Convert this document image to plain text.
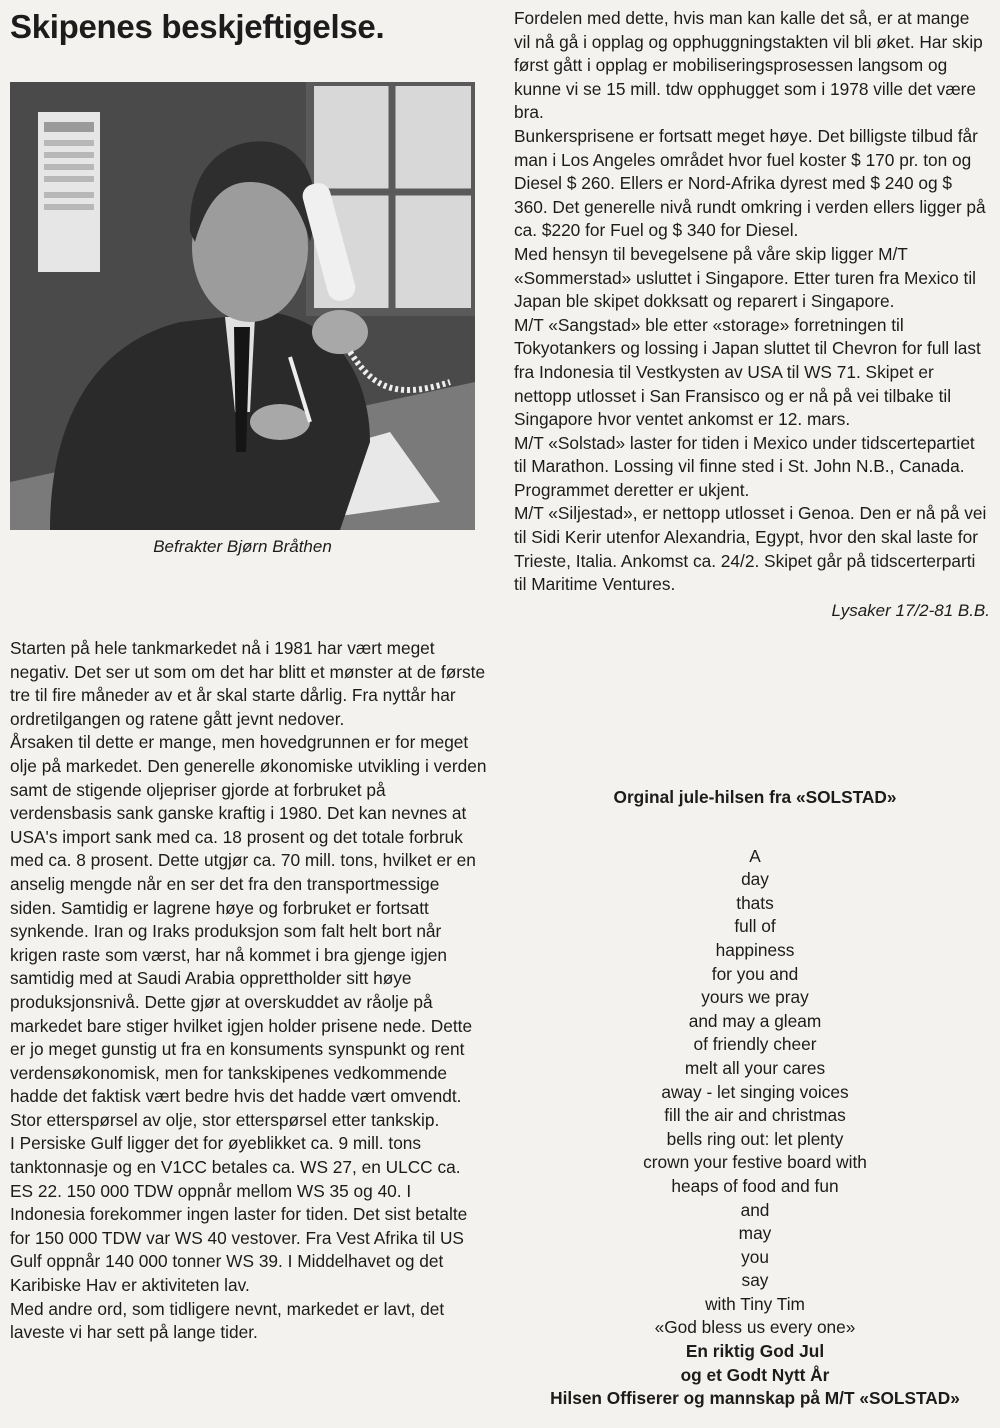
Skipenes beskjeftigelse.

Befrakter Bjørn Bråthen

Starten på hele tankmarkedet nå i 1981 har vært meget negativ. Det ser ut som om det har blitt et mønster at de første tre til fire måneder av et år skal starte dårlig. Fra nyttår har ordretilgangen og ratene gått jevnt nedover.

Årsaken til dette er mange, men hovedgrunnen er for meget olje på markedet. Den generelle økonomiske utvikling i verden samt de stigende oljepriser gjorde at forbruket på verdensbasis sank ganske kraftig i 1980. Det kan nevnes at USA's import sank med ca. 18 prosent og det totale forbruk med ca. 8 prosent. Dette utgjør ca. 70 mill. tons, hvilket er en anselig mengde når en ser det fra den transportmessige siden. Samtidig er lagrene høye og forbruket er fortsatt synkende. Iran og Iraks produksjon som falt helt bort når krigen raste som værst, har nå kommet i bra gjenge igjen samtidig med at Saudi Arabia opprettholder sitt høye produksjonsnivå. Dette gjør at overskuddet av råolje på markedet bare stiger hvilket igjen holder prisene nede. Dette er jo meget gunstig ut fra en konsuments synspunkt og rent verdensøkonomisk, men for tankskipenes vedkommende hadde det faktisk vært bedre hvis det hadde vært omvendt. Stor etterspørsel av olje, stor etterspørsel etter tankskip.

I Persiske Gulf ligger det for øyeblikket ca. 9 mill. tons tanktonnasje og en V1CC betales ca. WS 27, en ULCC ca. ES 22. 150 000 TDW oppnår mellom WS 35 og 40. I Indonesia forekommer ingen laster for tiden. Det sist betalte for 150 000 TDW var WS 40 vestover. Fra Vest Afrika til US Gulf oppnår 140 000 tonner WS 39. I Middelhavet og det Karibiske Hav er aktiviteten lav.

Med andre ord, som tidligere nevnt, markedet er lavt, det laveste vi har sett på lange tider.

Fordelen med dette, hvis man kan kalle det så, er at mange vil nå gå i opplag og opphuggningstakten vil bli øket. Har skip først gått i opplag er mobiliseringsprosessen langsom og kunne vi se 15 mill. tdw opphugget som i 1978 ville det være bra.

Bunkersprisene er fortsatt meget høye. Det billigste tilbud får man i Los Angeles området hvor fuel koster $ 170 pr. ton og Diesel $ 260. Ellers er Nord-Afrika dyrest med $ 240 og $ 360. Det generelle nivå rundt omkring i verden ellers ligger på ca. $220 for Fuel og $ 340 for Diesel.

Med hensyn til bevegelsene på våre skip ligger M/T «Sommerstad» usluttet i Singapore. Etter turen fra Mexico til Japan ble skipet dokksatt og reparert i Singapore.

M/T «Sangstad» ble etter «storage» forretningen til Tokyotankers og lossing i Japan sluttet til Chevron for full last fra Indonesia til Vestkysten av USA til WS 71. Skipet er nettopp utlosset i San Fransisco og er nå på vei tilbake til Singapore hvor ventet ankomst er 12. mars.

M/T «Solstad» laster for tiden i Mexico under tidscertepartiet til Marathon. Lossing vil finne sted i St. John N.B., Canada. Programmet deretter er ukjent.

M/T «Siljestad», er nettopp utlosset i Genoa. Den er nå på vei til Sidi Kerir utenfor Alexandria, Egypt, hvor den skal laste for Trieste, Italia. Ankomst ca. 24/2. Skipet går på tidscerterparti til Maritime Ventures.

Lysaker 17/2-81 B.B.

Orginal jule-hilsen fra «SOLSTAD»

A

day

thats

full of

happiness

for you and

yours we pray

and may a gleam

of friendly cheer

melt all your cares

away - let singing voices

fill the air and christmas

bells ring out: let plenty

crown your festive board with

heaps of food and fun

and

may

you

say

with Tiny Tim

«God bless us every one»

En riktig God Jul

og et Godt Nytt År

Hilsen Offiserer og mannskap på M/T «SOLSTAD»
